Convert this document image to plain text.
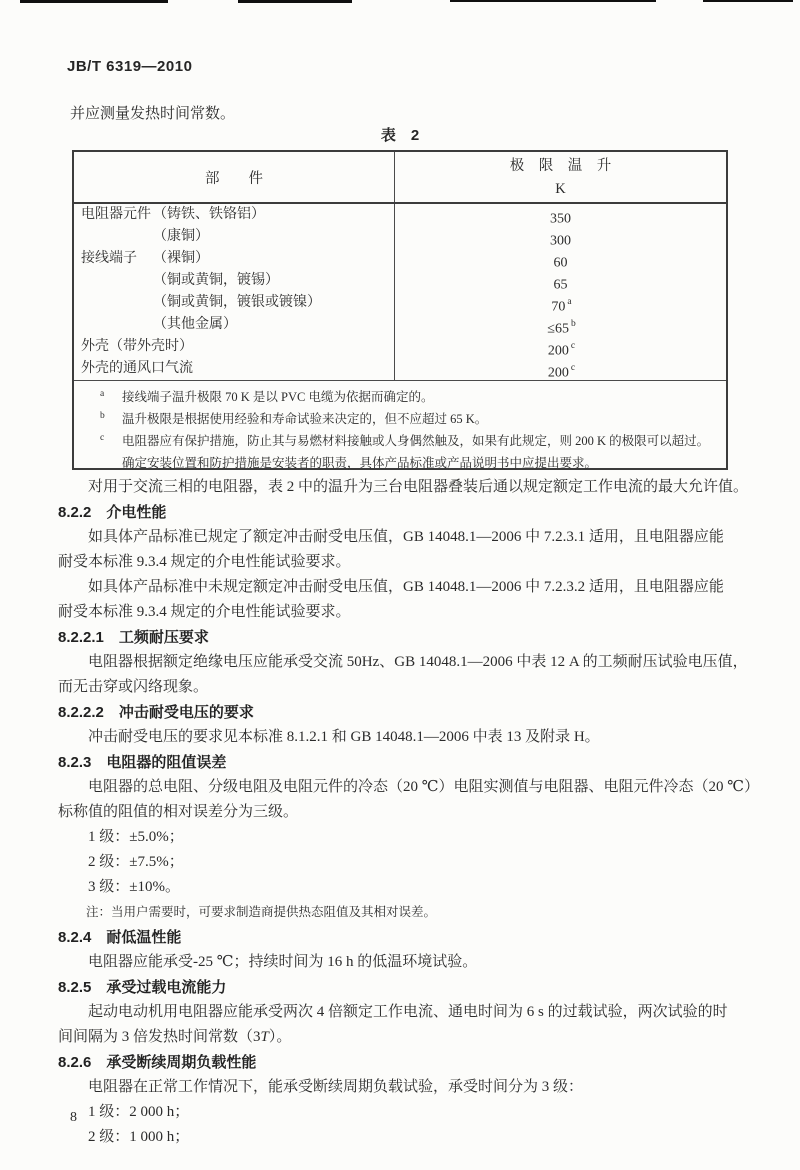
JB/T 6319—2010
并应测量发热时间常数。
表　2
部　　件
极　限　温　升
K
电阻器元件 （铸铁、铁铬铝）	350
（康铜）	300
接线端子 （裸铜）	60
（铜或黄铜，镀锡）	65
（铜或黄铜，镀银或镀镍）	70 $^a$
（其他金属）	≤65 $^b$
外壳（带外壳时）	200 $^c$
外壳的通风口气流	200 $^c$
a	接线端子温升极限 70 K 是以 PVC 电缆为依据而确定的。
b	温升极限是根据使用经验和寿命试验来决定的，但不应超过 65 K。
c	电阻器应有保护措施，防止其与易燃材料接触或人身偶然触及，如果有此规定，则 200 K 的极限可以超过。
确定安装位置和防护措施是安装者的职责，具体产品标准或产品说明书中应提出要求。
对用于交流三相的电阻器，表 2 中的温升为三台电阻器叠装后通以规定额定工作电流的最大允许值。
8.2.2　介电性能
如具体产品标准已规定了额定冲击耐受电压值，GB 14048.1—2006 中 7.2.3.1 适用，且电阻器应能
耐受本标准 9.3.4 规定的介电性能试验要求。
如具体产品标准中未规定额定冲击耐受电压值，GB 14048.1—2006 中 7.2.3.2 适用，且电阻器应能
耐受本标准 9.3.4 规定的介电性能试验要求。
8.2.2.1　工频耐压要求
电阻器根据额定绝缘电压应能承受交流 50Hz、GB 14048.1—2006 中表 12 A 的工频耐压试验电压值，
而无击穿或闪络现象。
8.2.2.2　冲击耐受电压的要求
冲击耐受电压的要求见本标准 8.1.2.1 和 GB 14048.1—2006 中表 13 及附录 H。
8.2.3　电阻器的阻值误差
电阻器的总电阻、分级电阻及电阻元件的冷态（20 ℃）电阻实测值与电阻器、电阻元件冷态（20 ℃）
标称值的阻值的相对误差分为三级。
1 级：±5.0%；
2 级：±7.5%；
3 级：±10%。
注：当用户需要时，可要求制造商提供热态阻值及其相对误差。
8.2.4　耐低温性能
电阻器应能承受-25 ℃；持续时间为 16 h 的低温环境试验。
8.2.5　承受过载电流能力
起动电动机用电阻器应能承受两次 4 倍额定工作电流、通电时间为 6 s 的过载试验，两次试验的时
间间隔为 3 倍发热时间常数（3T）。
8.2.6　承受断续周期负载性能
电阻器在正常工作情况下，能承受断续周期负载试验，承受时间分为 3 级：
1 级：2 000 h；
2 级：1 000 h；
8
